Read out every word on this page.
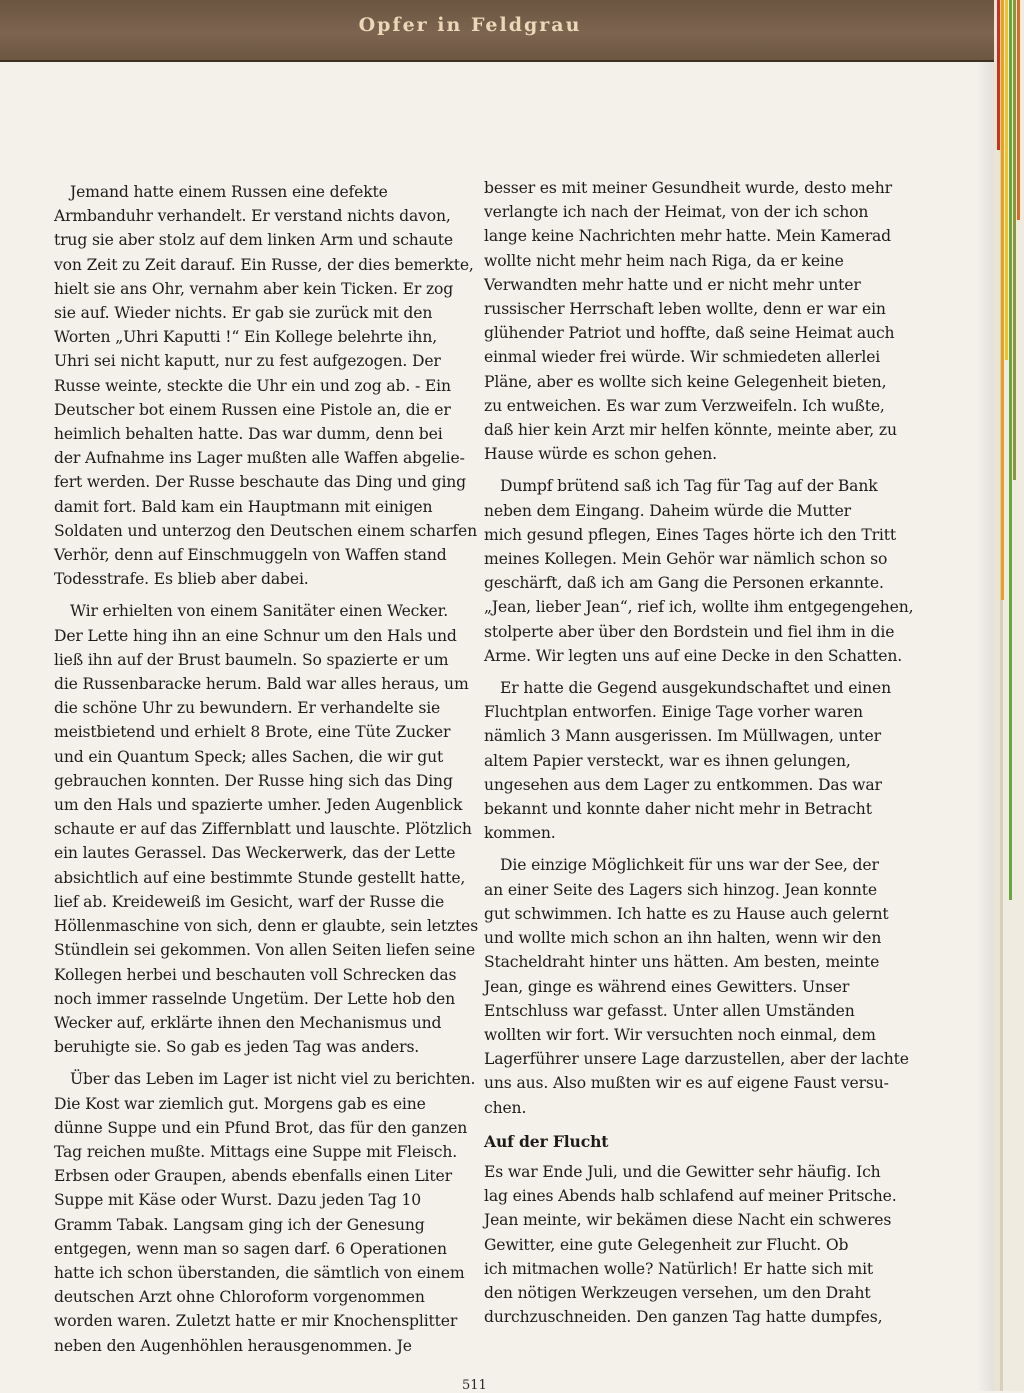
Opfer in Feldgrau
Jemand hatte einem Russen eine defekte
Armbanduhr verhandelt. Er verstand nichts davon,
trug sie aber stolz auf dem linken Arm und schaute
von Zeit zu Zeit darauf. Ein Russe, der dies bemerkte,
hielt sie ans Ohr, vernahm aber kein Ticken. Er zog
sie auf. Wieder nichts. Er gab sie zurück mit den
Worten „Uhri Kaputti !“ Ein Kollege belehrte ihn,
Uhri sei nicht kaputt, nur zu fest aufgezogen. Der
Russe weinte, steckte die Uhr ein und zog ab. - Ein
Deutscher bot einem Russen eine Pistole an, die er
heimlich behalten hatte. Das war dumm, denn bei
der Aufnahme ins Lager mußten alle Waffen abgelie-
fert werden. Der Russe beschaute das Ding und ging
damit fort. Bald kam ein Hauptmann mit einigen
Soldaten und unterzog den Deutschen einem scharfen
Verhör, denn auf Einschmuggeln von Waffen stand
Todesstrafe. Es blieb aber dabei.
Wir erhielten von einem Sanitäter einen Wecker.
Der Lette hing ihn an eine Schnur um den Hals und
ließ ihn auf der Brust baumeln. So spazierte er um
die Russenbaracke herum. Bald war alles heraus, um
die schöne Uhr zu bewundern. Er verhandelte sie
meistbietend und erhielt 8 Brote, eine Tüte Zucker
und ein Quantum Speck; alles Sachen, die wir gut
gebrauchen konnten. Der Russe hing sich das Ding
um den Hals und spazierte umher. Jeden Augenblick
schaute er auf das Ziffernblatt und lauschte. Plötzlich
ein lautes Gerassel. Das Weckerwerk, das der Lette
absichtlich auf eine bestimmte Stunde gestellt hatte,
lief ab. Kreideweiß im Gesicht, warf der Russe die
Höllenmaschine von sich, denn er glaubte, sein letztes
Stündlein sei gekommen. Von allen Seiten liefen seine
Kollegen herbei und beschauten voll Schrecken das
noch immer rasselnde Ungetüm. Der Lette hob den
Wecker auf, erklärte ihnen den Mechanismus und
beruhigte sie. So gab es jeden Tag was anders.
Über das Leben im Lager ist nicht viel zu berichten.
Die Kost war ziemlich gut. Morgens gab es eine
dünne Suppe und ein Pfund Brot, das für den ganzen
Tag reichen mußte. Mittags eine Suppe mit Fleisch.
Erbsen oder Graupen, abends ebenfalls einen Liter
Suppe mit Käse oder Wurst. Dazu jeden Tag 10
Gramm Tabak. Langsam ging ich der Genesung
entgegen, wenn man so sagen darf. 6 Operationen
hatte ich schon überstanden, die sämtlich von einem
deutschen Arzt ohne Chloroform vorgenommen
worden waren. Zuletzt hatte er mir Knochensplitter
neben den Augenhöhlen herausgenommen. Je
besser es mit meiner Gesundheit wurde, desto mehr
verlangte ich nach der Heimat, von der ich schon
lange keine Nachrichten mehr hatte. Mein Kamerad
wollte nicht mehr heim nach Riga, da er keine
Verwandten mehr hatte und er nicht mehr unter
russischer Herrschaft leben wollte, denn er war ein
glühender Patriot und hoffte, daß seine Heimat auch
einmal wieder frei würde. Wir schmiedeten allerlei
Pläne, aber es wollte sich keine Gelegenheit bieten,
zu entweichen. Es war zum Verzweifeln. Ich wußte,
daß hier kein Arzt mir helfen könnte, meinte aber, zu
Hause würde es schon gehen.
Dumpf brütend saß ich Tag für Tag auf der Bank
neben dem Eingang. Daheim würde die Mutter
mich gesund pflegen, Eines Tages hörte ich den Tritt
meines Kollegen. Mein Gehör war nämlich schon so
geschärft, daß ich am Gang die Personen erkannte.
„Jean, lieber Jean“, rief ich, wollte ihm entgegengehen,
stolperte aber über den Bordstein und fiel ihm in die
Arme. Wir legten uns auf eine Decke in den Schatten.
Er hatte die Gegend ausgekundschaftet und einen
Fluchtplan entworfen. Einige Tage vorher waren
nämlich 3 Mann ausgerissen. Im Müllwagen, unter
altem Papier versteckt, war es ihnen gelungen,
ungesehen aus dem Lager zu entkommen. Das war
bekannt und konnte daher nicht mehr in Betracht
kommen.
Die einzige Möglichkeit für uns war der See, der
an einer Seite des Lagers sich hinzog. Jean konnte
gut schwimmen. Ich hatte es zu Hause auch gelernt
und wollte mich schon an ihn halten, wenn wir den
Stacheldraht hinter uns hätten. Am besten, meinte
Jean, ginge es während eines Gewitters. Unser
Entschluss war gefasst. Unter allen Umständen
wollten wir fort. Wir versuchten noch einmal, dem
Lagerführer unsere Lage darzustellen, aber der lachte
uns aus. Also mußten wir es auf eigene Faust versu-
chen.
Auf der Flucht
Es war Ende Juli, und die Gewitter sehr häufig. Ich
lag eines Abends halb schlafend auf meiner Pritsche.
Jean meinte, wir bekämen diese Nacht ein schweres
Gewitter, eine gute Gelegenheit zur Flucht. Ob
ich mitmachen wolle? Natürlich! Er hatte sich mit
den nötigen Werkzeugen versehen, um den Draht
durchzuschneiden. Den ganzen Tag hatte dumpfes,
511
